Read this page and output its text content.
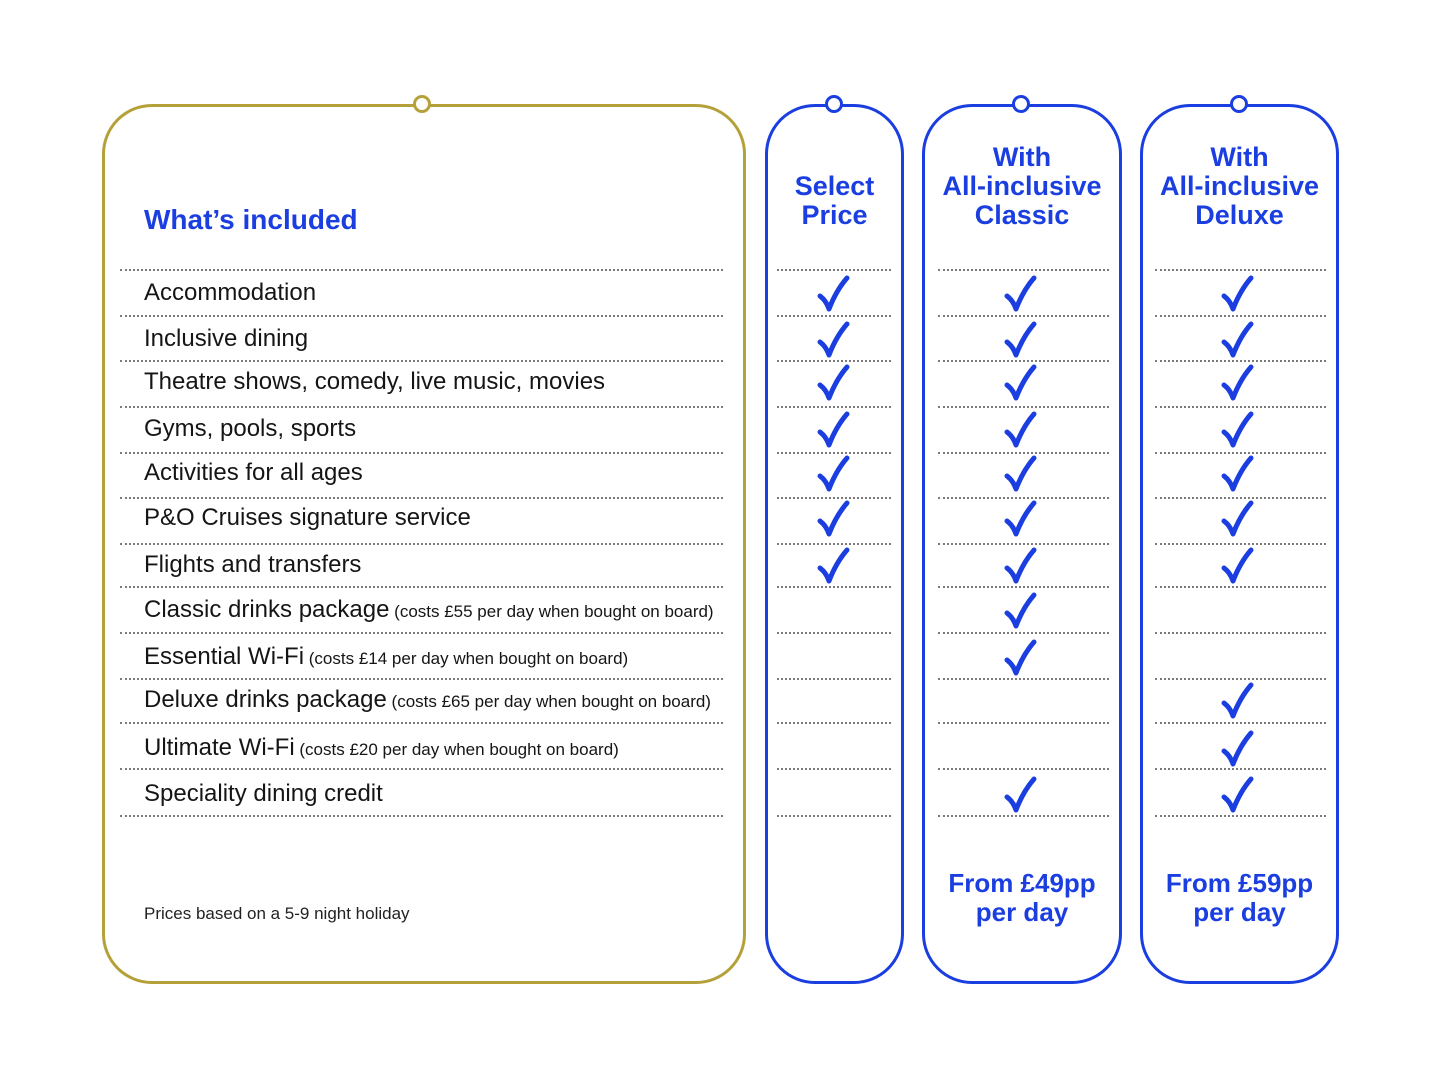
What’s included
Prices based on a 5-9 night holiday

Select
Price
With
All-inclusive
Classic
With
All-inclusive
Deluxe
From £49pp
per day
From £59pp
per day
Accommodation
Inclusive dining
Theatre shows, comedy, live music, movies
Gyms, pools, sports
Activities for all ages
P&O Cruises signature service
Flights and transfers
Classic drinks package (costs £55 per day when bought on board)
Essential Wi-Fi (costs £14 per day when bought on board)
Deluxe drinks package (costs £65 per day when bought on board)
Ultimate Wi-Fi (costs £20 per day when bought on board)
Speciality dining credit
